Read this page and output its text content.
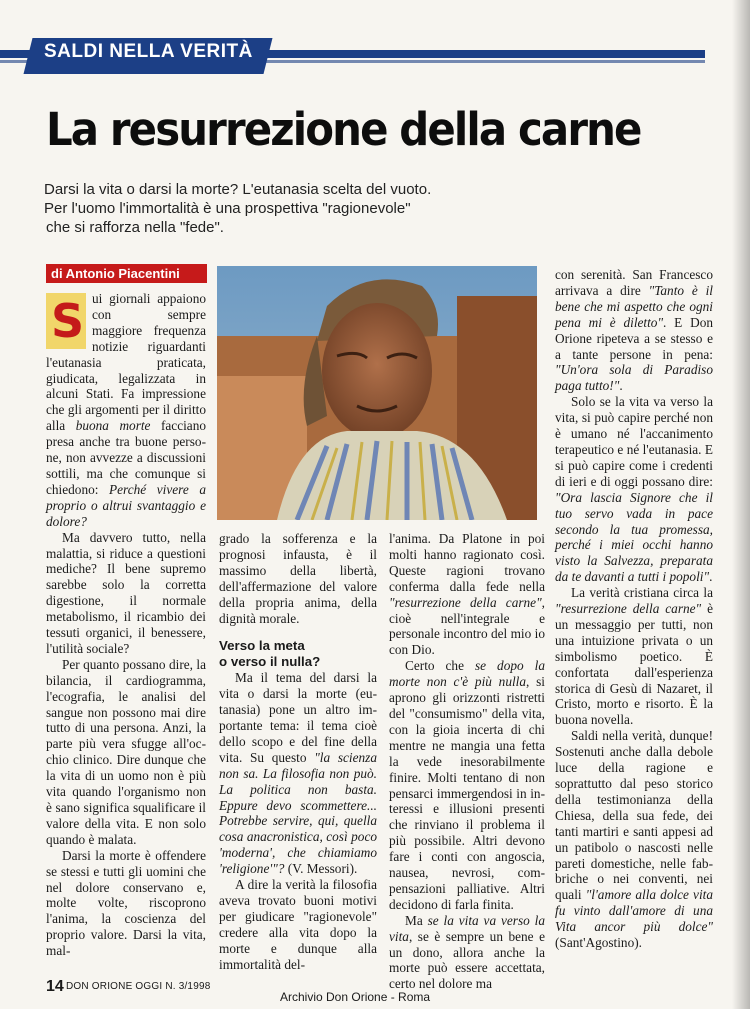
SALDI NELLA VERITÀ
La resurrezione della carne

Darsi la vita o darsi la morte? L'eutanasia scelta del vuoto.

Per l'uomo l'immortalità è una prospettiva "ragionevole"

che si rafforza nella "fede".

di Antonio Piacentini
S ui giornali appaiono con sempre maggiore frequenza notizie riguardanti l'eutanasia praticata, giudicata, legalizzata in alcuni Stati. Fa impressione che gli argomenti per il diritto alla buona morte facciano presa anche tra buone persone, non avvezze a discussioni sottili, ma che comunque si chiedono: Perché vivere a proprio o altrui svantaggio e dolore?

Ma davvero tutto, nella malattia, si riduce a questioni mediche? Il bene supremo sarebbe solo la corretta digestione, il normale metabolismo, il ricambio dei tessuti organici, il benessere, l'utilità sociale?

Per quanto possano dire, la bilancia, il cardiogramma, l'ecografia, le analisi del sangue non possono mai dire tutto di una persona. Anzi, la parte più vera sfugge all'occhio clinico. Dire dunque che la vita di un uomo non è più vita quando l'organismo non è sano significa squalificare il valore della vita. E non solo quando è malata.

Darsi la morte è offendere se stessi e tutti gli uomini che nel dolore conservano e, molte volte, riscoprono l'anima, la coscienza del proprio valore. Darsi la vita, mal-

grado la sofferenza e la prognosi infausta, è il massimo della libertà, dell'affermazione del valore della propria anima, della dignità morale.

Verso la meta
o verso il nulla?

Ma il tema del darsi la vita o darsi la morte (eutanasia) pone un altro importante tema: il tema cioè dello scopo e del fine della vita. Su questo "la scienza non sa. La filosofia non può. La politica non basta. Eppure devo scommettere... Potrebbe servire, qui, quella cosa anacronistica, così poco 'moderna', che chiamiamo 'religione'"? (V. Messori).

A dire la verità la filosofia aveva trovato buoni motivi per giudicare "ragionevole" credere alla vita dopo la morte e dunque alla immortalità del-

l'anima. Da Platone in poi molti hanno ragionato così. Queste ragioni trovano conferma dalla fede nella "resurrezione della carne", cioè nell'integrale e personale incontro del mio io con Dio.

Certo che se dopo la morte non c'è più nulla, si aprono gli orizzonti ristretti del "consumismo" della vita, con la gioia incerta di chi mentre ne mangia una fetta la vede inesorabilmente finire. Molti tentano di non pensarci immergendosi in interessi e illusioni presenti che rinviano il problema il più possibile. Altri devono fare i conti con angoscia, nausea, nevrosi, compensazioni palliative. Altri decidono di farla finita.

Ma se la vita va verso la vita, se è sempre un bene e un dono, allora anche la morte può essere accettata, certo nel dolore ma

con serenità. San Francesco arrivava a dire "Tanto è il bene che mi aspetto che ogni pena mi è diletto". E Don Orione ripeteva a se stesso e a tante persone in pena: "Un'ora sola di Paradiso paga tutto!".

Solo se la vita va verso la vita, si può capire perché non è umano né l'accanimento terapeutico e né l'eutanasia. E si può capire come i credenti di ieri e di oggi possano dire: "Ora lascia Signore che il tuo servo vada in pace secondo la tua promessa, perché i miei occhi hanno visto la Salvezza, preparata da te davanti a tutti i popoli".

La verità cristiana circa la "resurrezione della carne" è un messaggio per tutti, non una intuizione privata o un simbolismo poetico. È confortata dall'esperienza storica di Gesù di Nazaret, il Cristo, morto e risorto. È la buona novella.

Saldi nella verità, dunque! Sostenuti anche dalla debole luce della ragione e soprattutto dal peso storico della testimonianza della Chiesa, della sua fede, dei tanti martiri e santi appesi ad un patibolo o nascosti nelle pareti domestiche, nelle fabbriche o nei conventi, nei quali "l'amore alla dolce vita fu vinto dall'amore di una Vita ancor più dolce" (Sant'Agostino).

14 DON ORIONE OGGI N. 3/1998
Archivio Don Orione - Roma
